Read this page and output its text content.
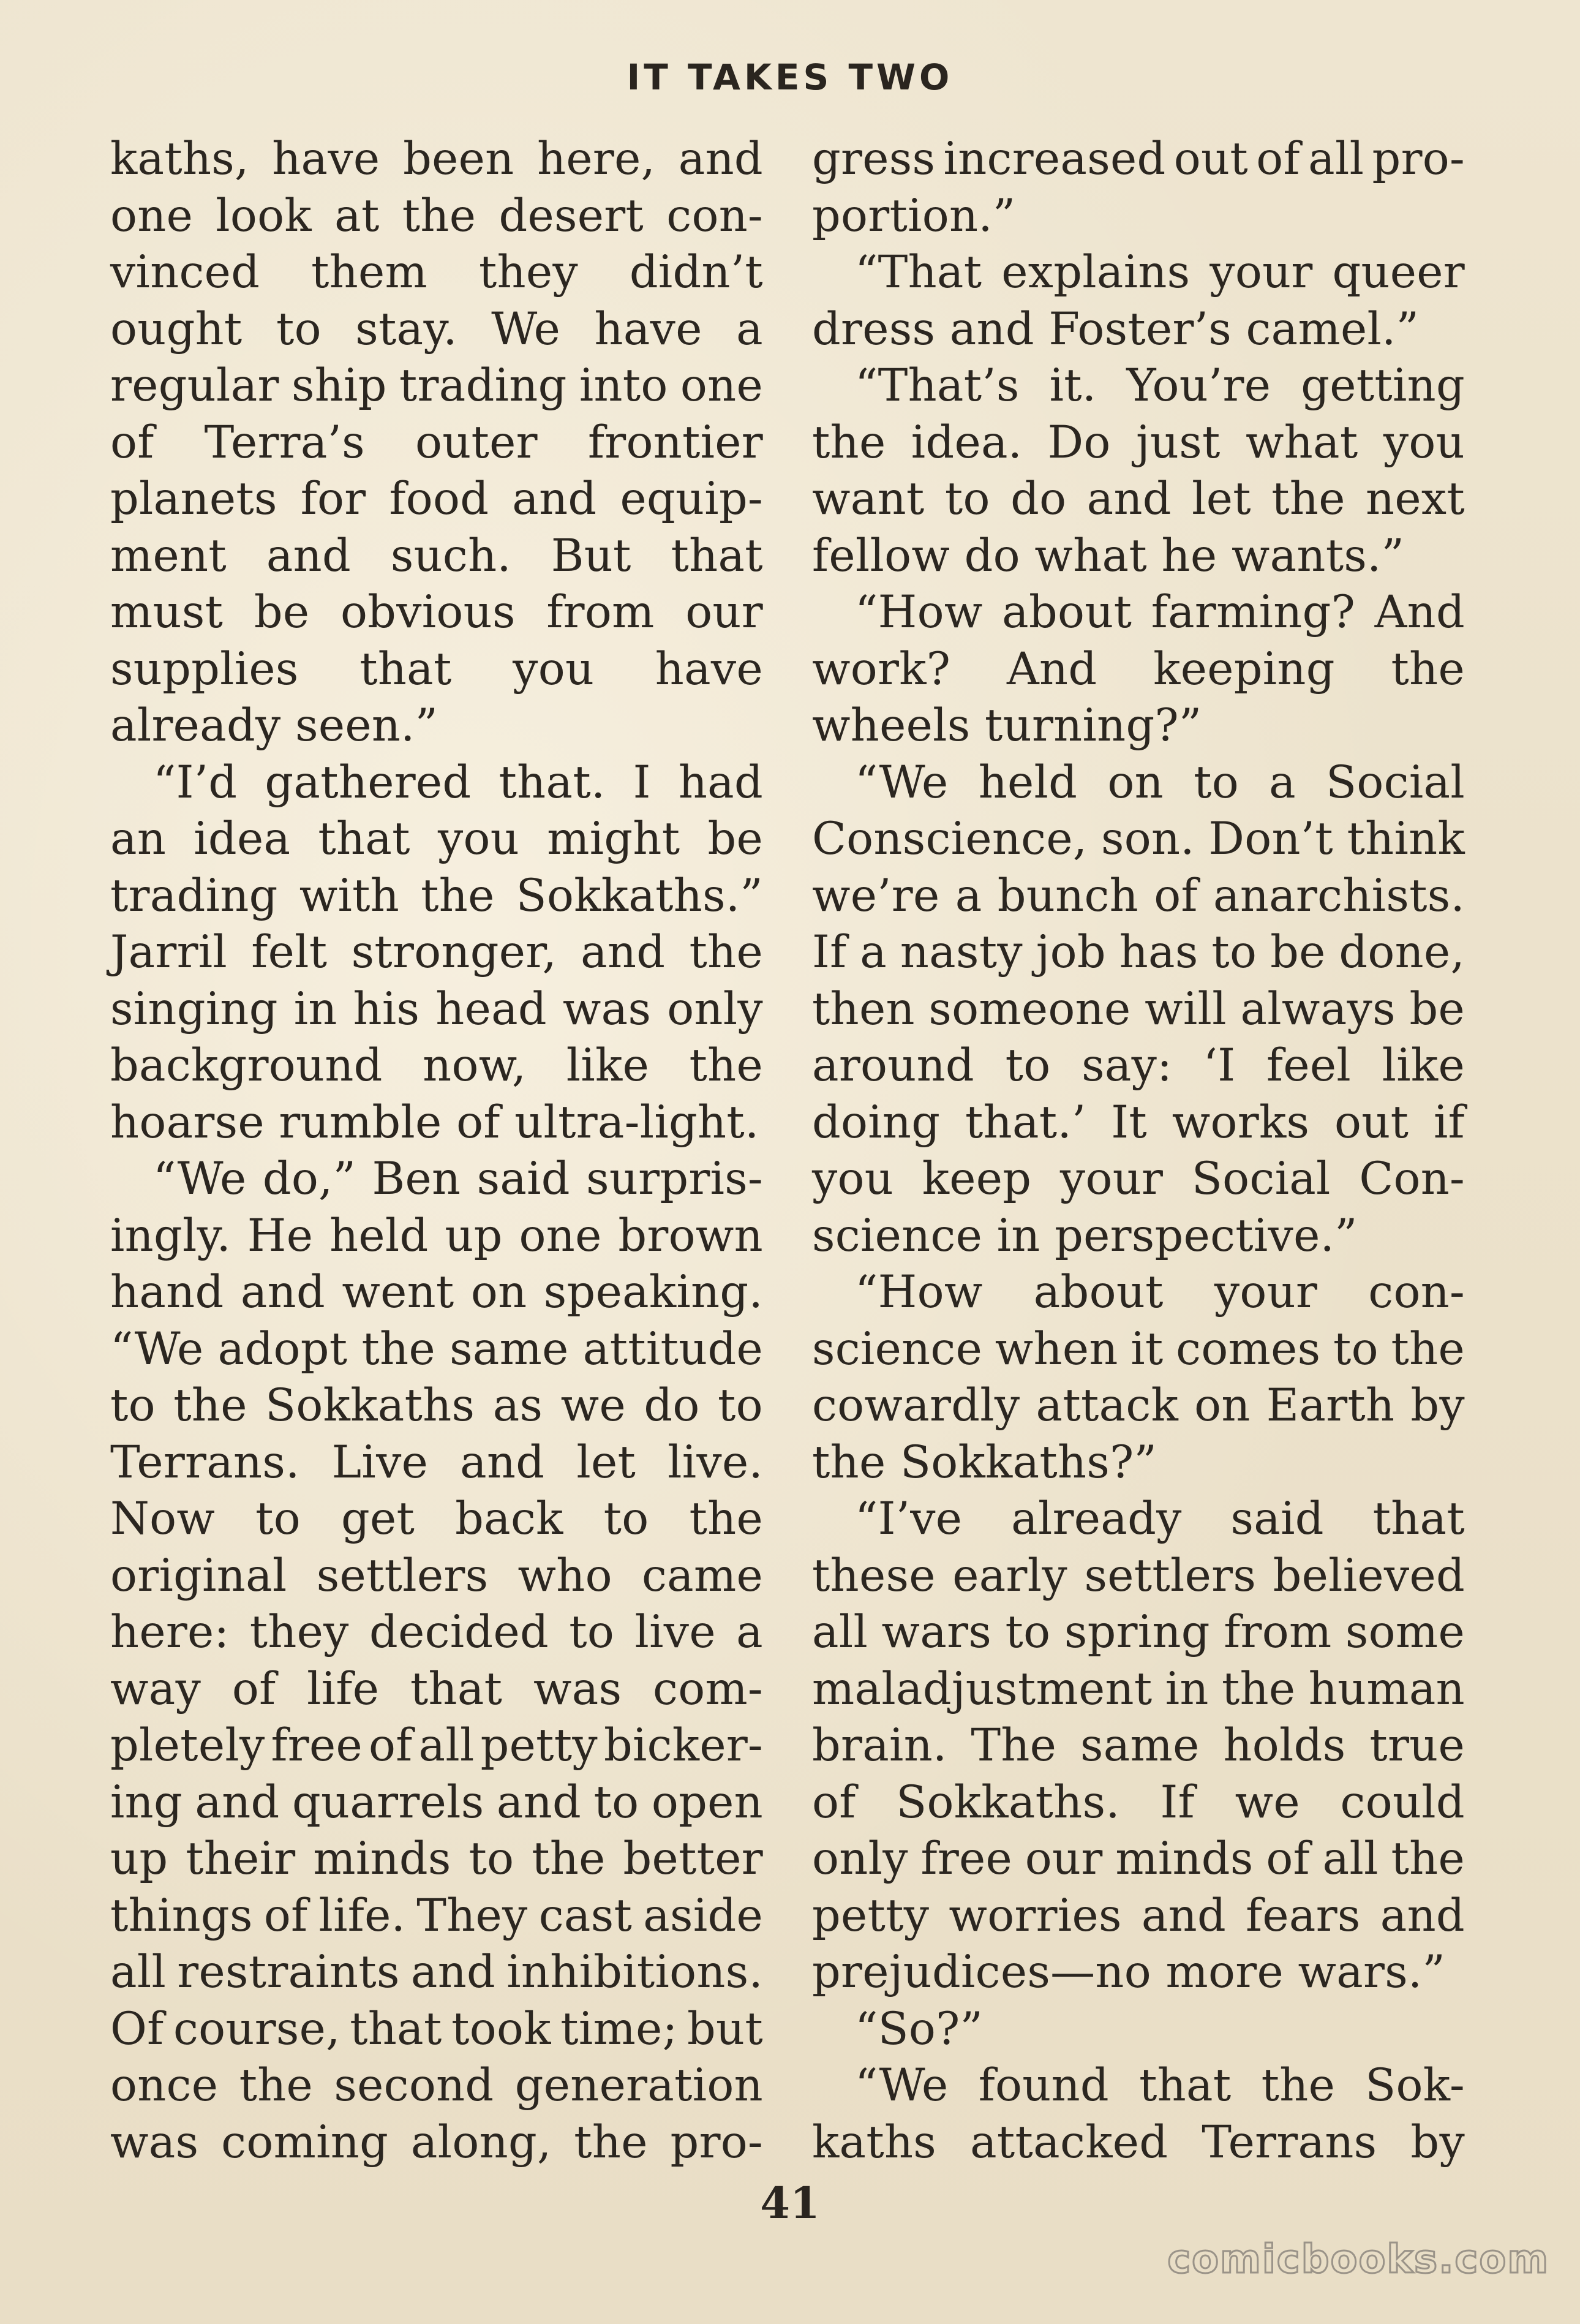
IT TAKES TWO
kaths, have been here, and
one look at the desert con-
vinced them they didn’t
ought to stay. We have a
regular ship trading into one
of Terra’s outer frontier
planets for food and equip-
ment and such. But that
must be obvious from our
supplies that you have
already seen.”
“I’d gathered that. I had
an idea that you might be
trading with the Sokkaths.”
Jarril felt stronger, and the
singing in his head was only
background now, like the
hoarse rumble of ultra-light.
“We do,” Ben said surpris-
ingly. He held up one brown
hand and went on speaking.
“We adopt the same attitude
to the Sokkaths as we do to
Terrans. Live and let live.
Now to get back to the
original settlers who came
here: they decided to live a
way of life that was com-
pletely free of all petty bicker-
ing and quarrels and to open
up their minds to the better
things of life. They cast aside
all restraints and inhibitions.
Of course, that took time; but
once the second generation
was coming along, the pro-
gress increased out of all pro-
portion.”
“That explains your queer
dress and Foster’s camel.”
“That’s it. You’re getting
the idea. Do just what you
want to do and let the next
fellow do what he wants.”
“How about farming? And
work? And keeping the
wheels turning?”
“We held on to a Social
Conscience, son. Don’t think
we’re a bunch of anarchists.
If a nasty job has to be done,
then someone will always be
around to say: ‘I feel like
doing that.’ It works out if
you keep your Social Con-
science in perspective.”
“How about your con-
science when it comes to the
cowardly attack on Earth by
the Sokkaths?”
“I’ve already said that
these early settlers believed
all wars to spring from some
maladjustment in the human
brain. The same holds true
of Sokkaths. If we could
only free our minds of all the
petty worries and fears and
prejudices—no more wars.”
“So?”
“We found that the Sok-
kaths attacked Terrans by
41
comicbooks.com
